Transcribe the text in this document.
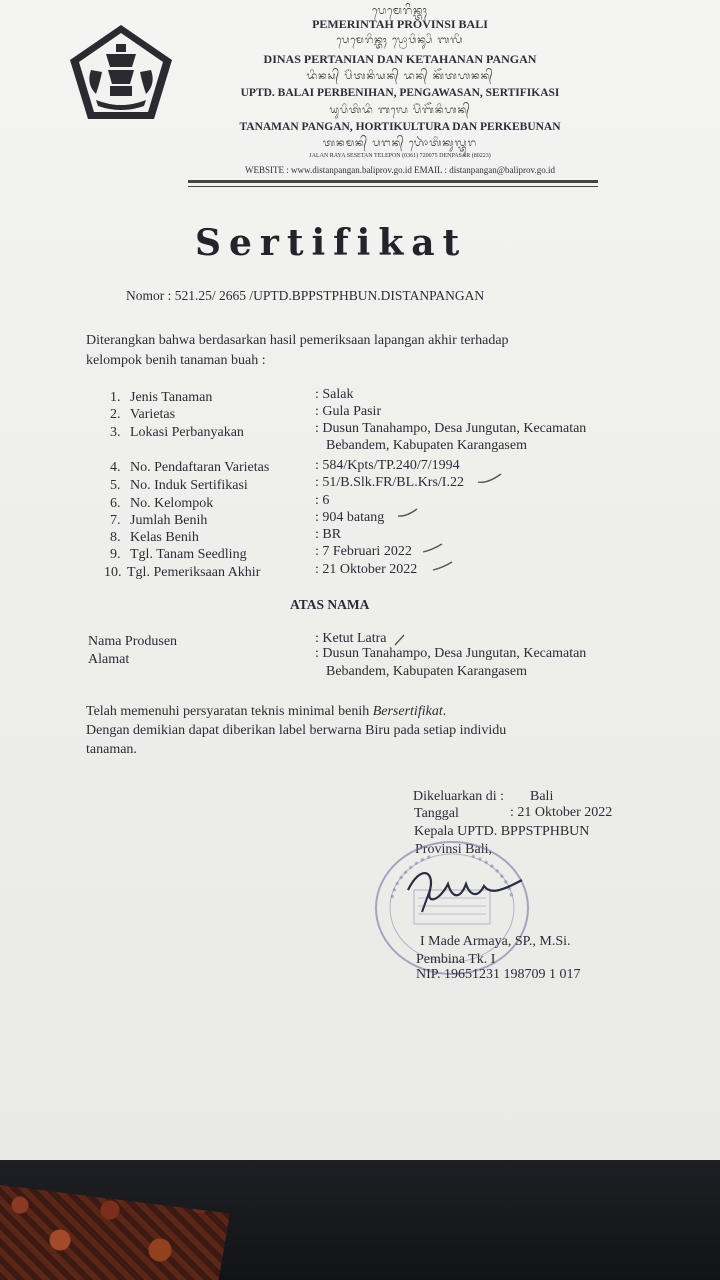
BALI
ᬧᬾᬫᬾᬭᬶᬦ᭄ᬢᬄ
PEMERINTAH PROVINSI BALI
ᬧᬾᬫᬾᬭᬶᬦ᭄ᬢᬄ ᬧ᭄ᬭᭀᬯᬶᬦ᭄ᬲᬶ ᬩᬮᬶ
DINAS PERTANIAN DAN KETAHANAN PANGAN
ᬤᬶᬦᬲ᭄ ᬧᭂᬃᬢᬦᬶᬬᬦ᭄ ᬤᬦ᭄ ᬓᭂᬢᬳᬦᬦ᭄
UPTD. BALAI PERBENIHAN, PENGAWASAN, SERTIFIKASI
ᬬᬸᬧᬶᬢᬶᬤᬶ ᬩᬮᬾ ᬧᭂᬃᬩᭂᬦᬶᬳᬦ᭄
TANAMAN PANGAN, HORTIKULTURA DAN PERKEBUNAN
ᬢᬦᬫᬦ᭄ ᬧᬗᬦ᭄ ᬳᭀᬃᬢᬶᬓᬸᬮ᭄ᬢᬸᬭ
JALAN RAYA SESETAN TELEPON (0361) 720075 DENPASAR (80223)
WEBSITE : www.distanpangan.baliprov.go.id EMAIL : distanpangan@baliprov.go.id
Sertifikat
Nomor : 521.25/ 2665 /UPTD.BPPSTPHBUN.DISTANPANGAN
Diterangkan bahwa berdasarkan hasil pemeriksaan lapangan akhir terhadap
kelompok benih tanaman buah :
1. Jenis Tanaman	: Salak
2. Varietas	: Gula Pasir
3. Lokasi Perbanyakan	: Dusun Tanahampo, Desa Jungutan, Kecamatan
Bebandem, Kabupaten Karangasem
4. No. Pendaftaran Varietas	: 584/Kpts/TP.240/7/1994
5. No. Induk Sertifikasi	: 51/B.Slk.FR/BL.Krs/I.22
6. No. Kelompok	: 6
7. Jumlah Benih	: 904 batang
8. Kelas Benih	: BR
9. Tgl. Tanam Seedling	: 7 Februari 2022
10. Tgl. Pemeriksaan Akhir	: 21 Oktober 2022
ATAS NAMA
Nama Produsen	: Ketut Latra
Alamat	: Dusun Tanahampo, Desa Jungutan, Kecamatan
Bebandem, Kabupaten Karangasem
Telah memenuhi persyaratan teknis minimal benih Bersertifikat.
Dengan demikian dapat diberikan label berwarna Biru pada setiap individu
tanaman.
Dikeluarkan di : Bali
Tanggal	: 21 Oktober 2022
Kepala UPTD. BPPSTPHBUN
Provinsi Bali,
I Made Armaya, SP., M.Si.
Pembina Tk. I
NIP. 19651231 198709 1 017
